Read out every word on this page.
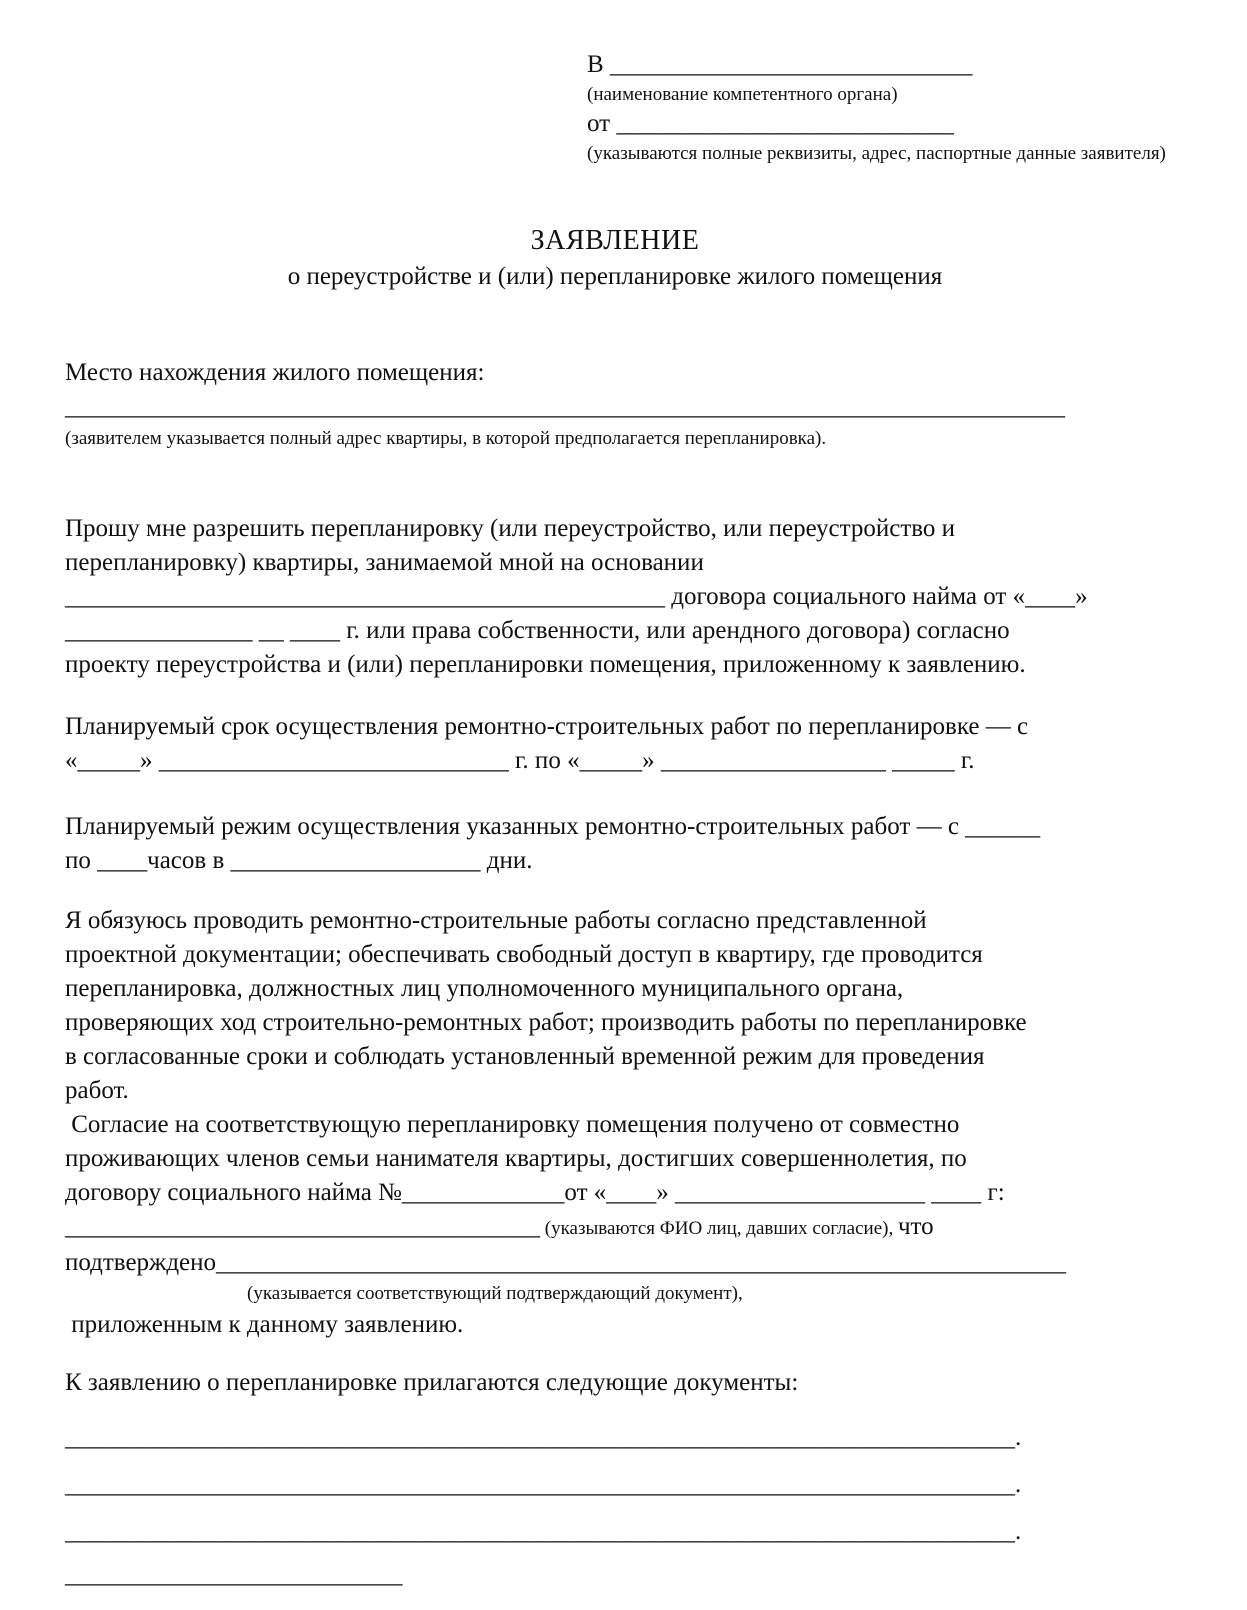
В _____________________________
(наименование компетентного органа)
от ___________________________
(указываются полные реквизиты, адрес, паспортные данные заявителя)
ЗАЯВЛЕНИЕ
о переустройстве и (или) перепланировке жилого помещения
Место нахождения жилого помещения:
________________________________________________________________________________
(заявителем указывается полный адрес квартиры, в которой предполагается перепланировка).
Прошу мне разрешить перепланировку (или переустройство, или переустройство и
перепланировку) квартиры, занимаемой мной на основании
________________________________________________ договора социального найма от «____»
_______________ __ ____ г. или права собственности, или арендного договора) согласно
проекту переустройства и (или) перепланировки помещения, приложенному к заявлению.
Планируемый срок осуществления ремонтно-строительных работ по перепланировке — с
«_____» ____________________________ г. по «_____» __________________ _____ г.
Планируемый режим осуществления указанных ремонтно-строительных работ — с ______
по ____часов в ____________________ дни.
Я обязуюсь проводить ремонтно-строительные работы согласно представленной
проектной документации; обеспечивать свободный доступ в квартиру, где проводится
перепланировка, должностных лиц уполномоченного муниципального органа,
проверяющих ход строительно-ремонтных работ; производить работы по перепланировке
в согласованные сроки и соблюдать установленный временной режим для проведения
работ.
Согласие на соответствующую перепланировку помещения получено от совместно
проживающих членов семьи нанимателя квартиры, достигших совершеннолетия, по
договору социального найма №_____________от «____» ____________________ ____ г:
______________________________________ (указываются ФИО лиц, давших согласие), что
подтверждено____________________________________________________________________
(указывается соответствующий подтверждающий документ),
приложенным к данному заявлению.
К заявлению о перепланировке прилагаются следующие документы:
____________________________________________________________________________.
____________________________________________________________________________.
____________________________________________________________________________.
___________________________
